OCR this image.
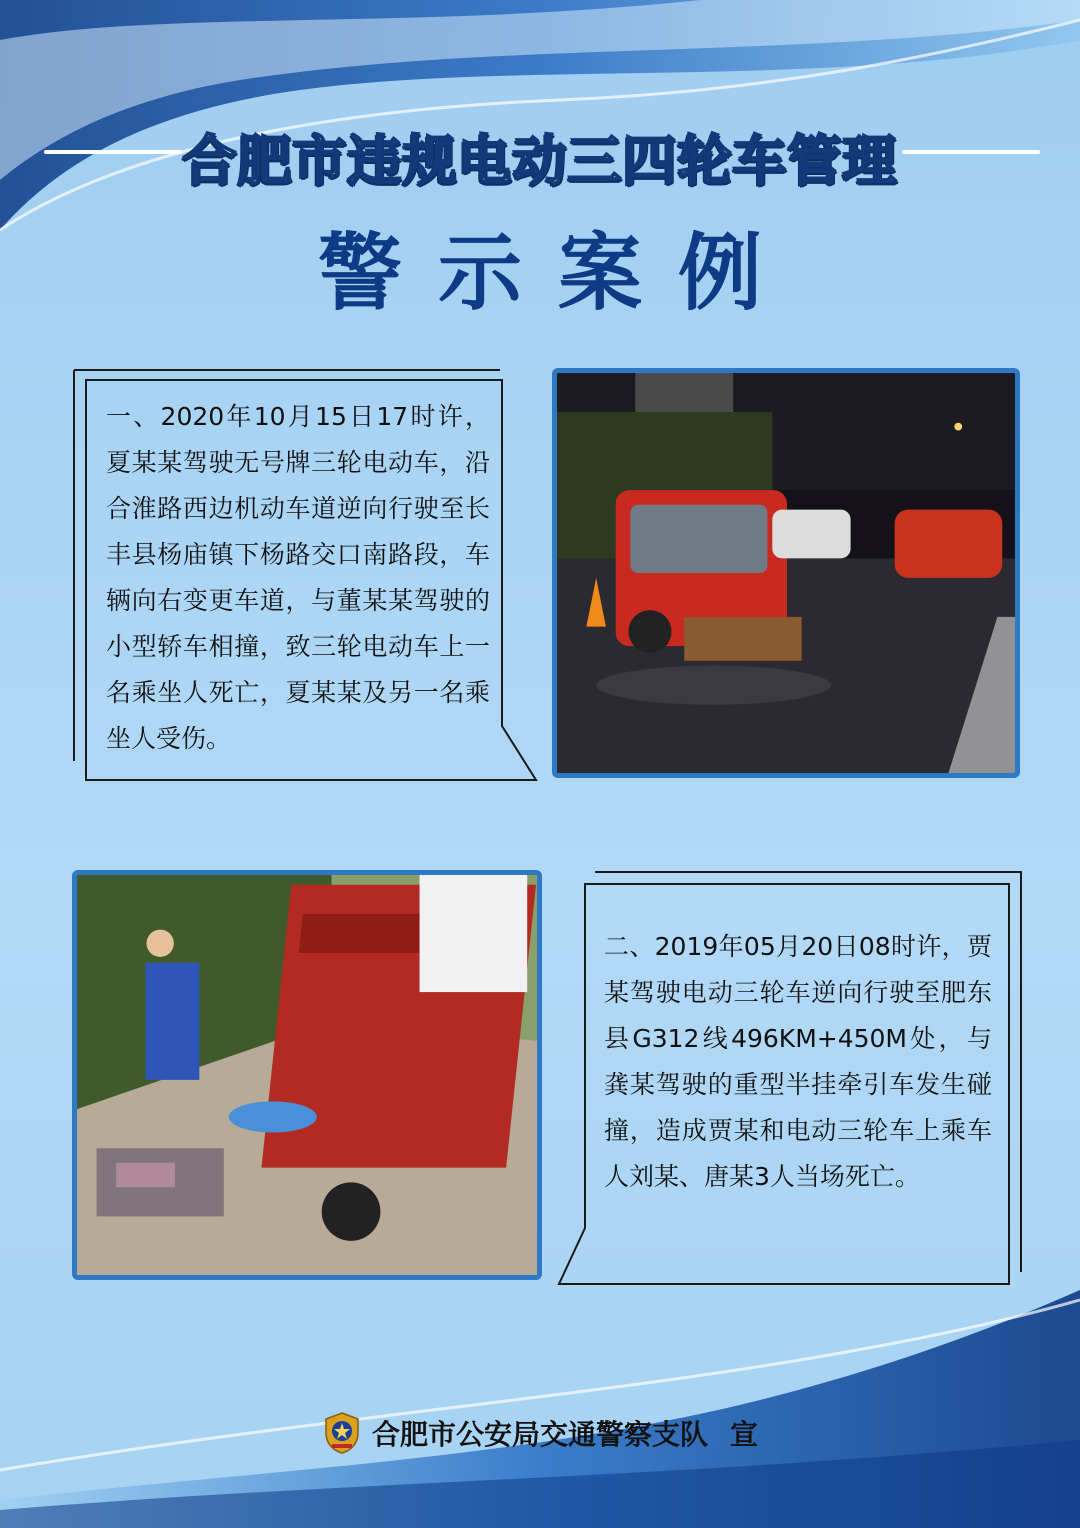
合肥市违规电动三四轮车管理
警示案例
一、2020年10月15日17时许，夏某某驾驶无号牌三轮电动车，沿合淮路西边机动车道逆向行驶至长丰县杨庙镇下杨路交口南路段，车辆向右变更车道，与董某某驾驶的小型轿车相撞，致三轮电动车上一名乘坐人死亡，夏某某及另一名乘坐人受伤。
二、2019年05月20日08时许，贾某驾驶电动三轮车逆向行驶至肥东县G312线496KM+450M处，与龚某驾驶的重型半挂牵引车发生碰撞，造成贾某和电动三轮车上乘车人刘某、唐某3人当场死亡。
合肥市公安局交通警察支队 宣
